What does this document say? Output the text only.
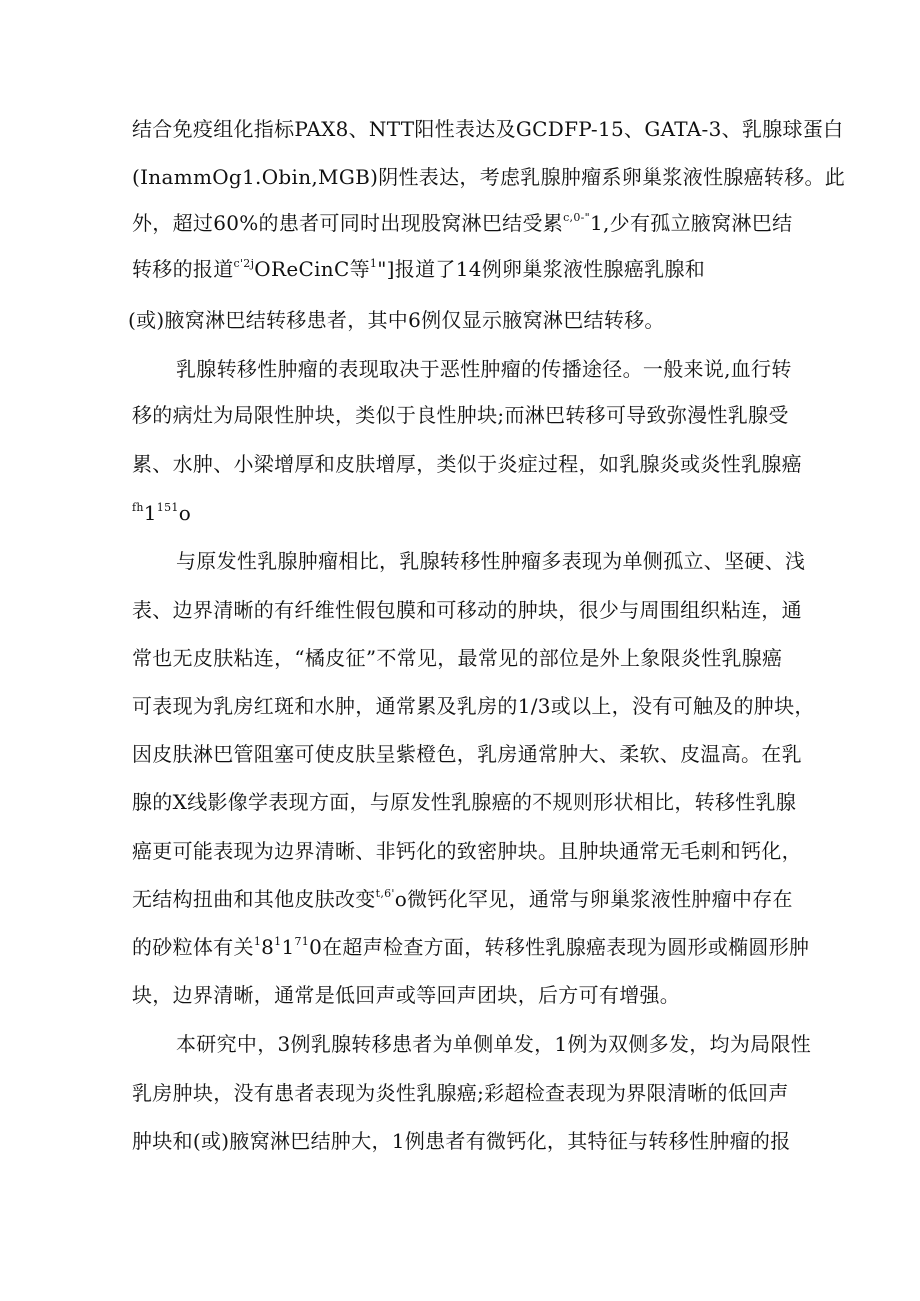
结合免疫组化指标PAX8、NTT阳性表达及GCDFP-15、GATA-3、乳腺球蛋白
(InammOg1.Obin,MGB)阴性表达，考虑乳腺肿瘤系卵巢浆液性腺癌转移。此
外，超过60%的患者可同时出现股窝淋巴结受累$^{c,0-"}$1,少有孤立腋窝淋巴结
转移的报道$^{c'2j}$OReCinC等$^1$"]报道了14例卵巢浆液性腺癌乳腺和
(或)腋窝淋巴结转移患者，其中6例仅显示腋窝淋巴结转移。
乳腺转移性肿瘤的表现取决于恶性肿瘤的传播途径。一般来说,血行转
移的病灶为局限性肿块，类似于良性肿块;而淋巴转移可导致弥漫性乳腺受
累、水肿、小梁增厚和皮肤增厚，类似于炎症过程，如乳腺炎或炎性乳腺癌
$^{fh}1^{151}o$
与原发性乳腺肿瘤相比，乳腺转移性肿瘤多表现为单侧孤立、坚硬、浅
表、边界清晰的有纤维性假包膜和可移动的肿块，很少与周围组织粘连，通
常也无皮肤粘连，“橘皮征”不常见，最常见的部位是外上象限炎性乳腺癌
可表现为乳房红斑和水肿，通常累及乳房的1/3或以上，没有可触及的肿块，
因皮肤淋巴管阻塞可使皮肤呈紫橙色，乳房通常肿大、柔软、皮温高。在乳
腺的X线影像学表现方面，与原发性乳腺癌的不规则形状相比，转移性乳腺
癌更可能表现为边界清晰、非钙化的致密肿块。且肿块通常无毛刺和钙化，
无结构扭曲和其他皮肤改变$^{t,6'}$o微钙化罕见，通常与卵巢浆液性肿瘤中存在
的砂粒体有关$^18^11^{71}0$在超声检查方面，转移性乳腺癌表现为圆形或椭圆形肿
块，边界清晰，通常是低回声或等回声团块，后方可有增强。
本研究中，3例乳腺转移患者为单侧单发，1例为双侧多发，均为局限性
乳房肿块，没有患者表现为炎性乳腺癌;彩超检查表现为界限清晰的低回声
肿块和(或)腋窝淋巴结肿大，1例患者有微钙化，其特征与转移性肿瘤的报
